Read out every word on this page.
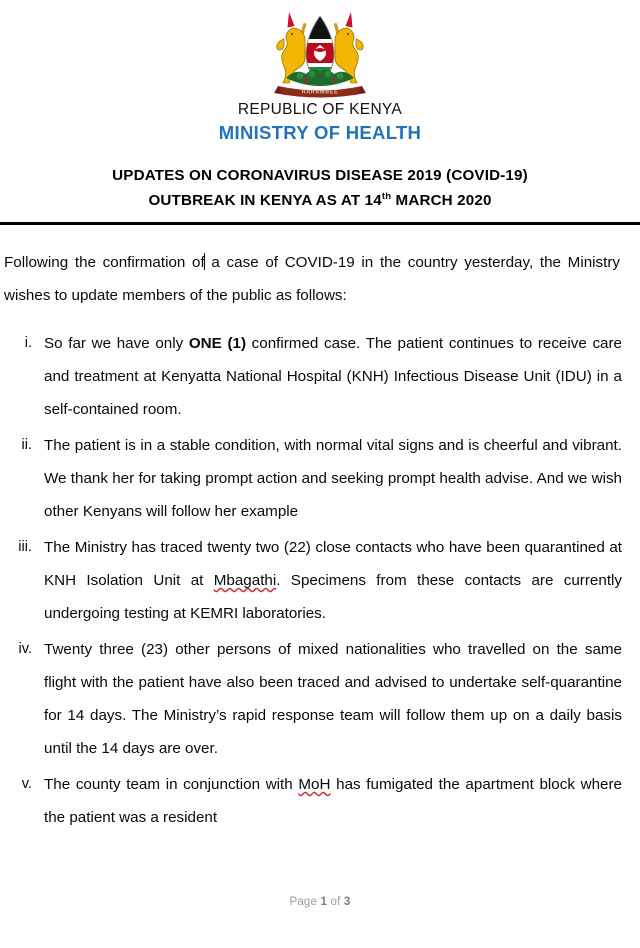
HARAMBEE
REPUBLIC OF KENYA
MINISTRY OF HEALTH
UPDATES ON CORONAVIRUS DISEASE 2019 (COVID-19)
OUTBREAK IN KENYA AS AT 14th MARCH 2020

Following the confirmation of a case of COVID-19 in the country yesterday, the Ministry wishes to update members of the public as follows:

i. So far we have only ONE (1) confirmed case. The patient continues to receive care and treatment at Kenyatta National Hospital (KNH) Infectious Disease Unit (IDU) in a self-contained room.
ii. The patient is in a stable condition, with normal vital signs and is cheerful and vibrant. We thank her for taking prompt action and seeking prompt health advise. And we wish other Kenyans will follow her example
iii. The Ministry has traced twenty two (22) close contacts who have been quarantined at KNH Isolation Unit at Mbagathi. Specimens from these contacts are currently undergoing testing at KEMRI laboratories.
iv. Twenty three (23) other persons of mixed nationalities who travelled on the same flight with the patient have also been traced and advised to undertake self-quarantine for 14 days. The Ministry’s rapid response team will follow them up on a daily basis until the 14 days are over.
v. The county team in conjunction with MoH has fumigated the apartment block where the patient was a resident
Page 1 of 3
